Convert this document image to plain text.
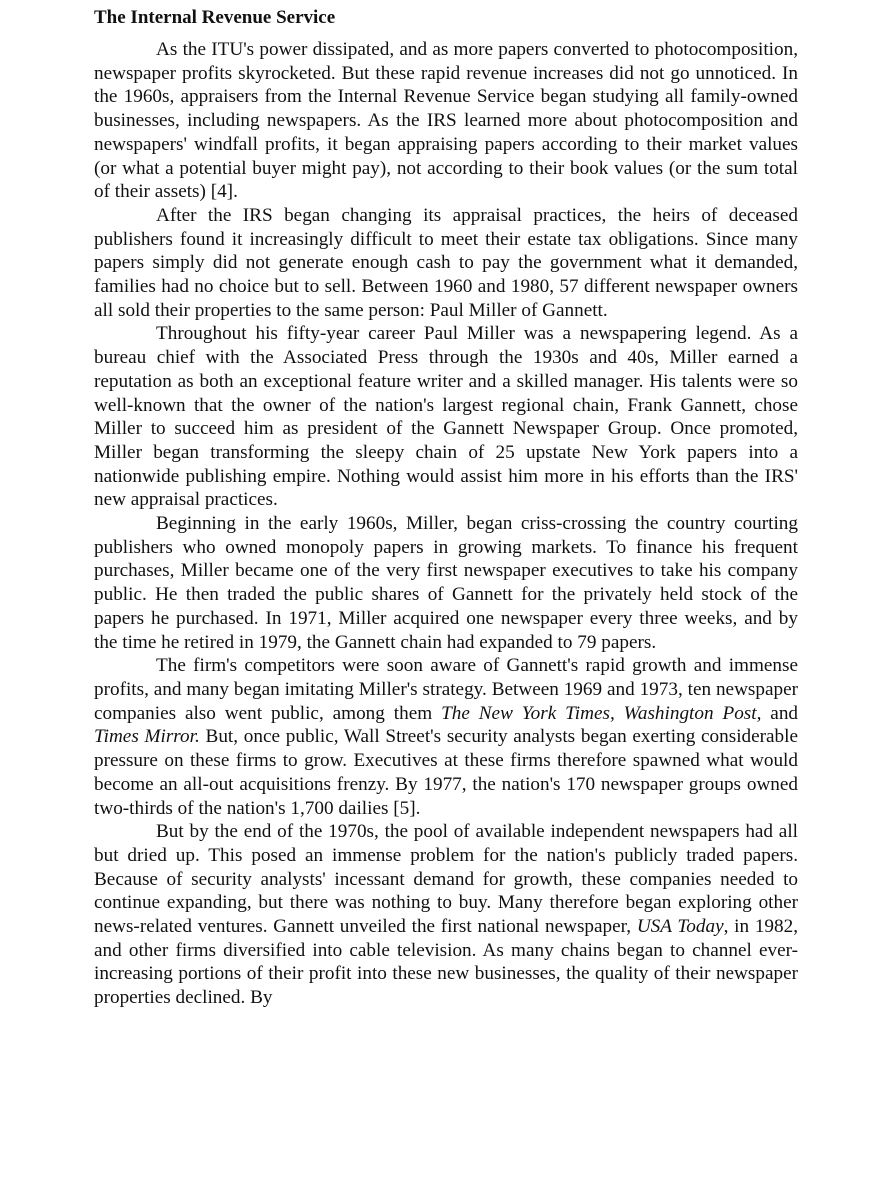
The Internal Revenue Service

As the ITU's power dissipated, and as more papers converted to photocomposition, newspaper profits skyrocketed. But these rapid revenue increases did not go unnoticed. In the 1960s, appraisers from the Internal Revenue Service began studying all family-owned businesses, including newspapers. As the IRS learned more about photocomposition and newspapers' windfall profits, it began appraising papers according to their market values (or what a potential buyer might pay), not according to their book values (or the sum total of their assets) [4].

After the IRS began changing its appraisal practices, the heirs of deceased publishers found it increasingly difficult to meet their estate tax obligations. Since many papers simply did not generate enough cash to pay the government what it demanded, families had no choice but to sell. Between 1960 and 1980, 57 different newspaper owners all sold their properties to the same person: Paul Miller of Gannett.

Throughout his fifty-year career Paul Miller was a newspapering legend. As a bureau chief with the Associated Press through the 1930s and 40s, Miller earned a reputation as both an exceptional feature writer and a skilled manager. His talents were so well-known that the owner of the nation's largest regional chain, Frank Gannett, chose Miller to succeed him as president of the Gannett Newspaper Group. Once promoted, Miller began transforming the sleepy chain of 25 upstate New York papers into a nationwide publishing empire. Nothing would assist him more in his efforts than the IRS' new appraisal practices.

Beginning in the early 1960s, Miller, began criss-crossing the country courting publishers who owned monopoly papers in growing markets. To finance his frequent purchases, Miller became one of the very first newspaper executives to take his company public. He then traded the public shares of Gannett for the privately held stock of the papers he purchased. In 1971, Miller acquired one newspaper every three weeks, and by the time he retired in 1979, the Gannett chain had expanded to 79 papers.

The firm's competitors were soon aware of Gannett's rapid growth and immense profits, and many began imitating Miller's strategy. Between 1969 and 1973, ten newspaper companies also went public, among them The New York Times, Washington Post, and Times Mirror. But, once public, Wall Street's security analysts began exerting considerable pressure on these firms to grow. Executives at these firms therefore spawned what would become an all-out acquisitions frenzy. By 1977, the nation's 170 newspaper groups owned two-thirds of the nation's 1,700 dailies [5].

But by the end of the 1970s, the pool of available independent newspapers had all but dried up. This posed an immense problem for the nation's publicly traded papers. Because of security analysts' incessant demand for growth, these companies needed to continue expanding, but there was nothing to buy. Many therefore began exploring other news-related ventures. Gannett unveiled the first national newspaper, USA Today, in 1982, and other firms diversified into cable television. As many chains began to channel ever-increasing portions of their profit into these new businesses, the quality of their newspaper properties declined. By
